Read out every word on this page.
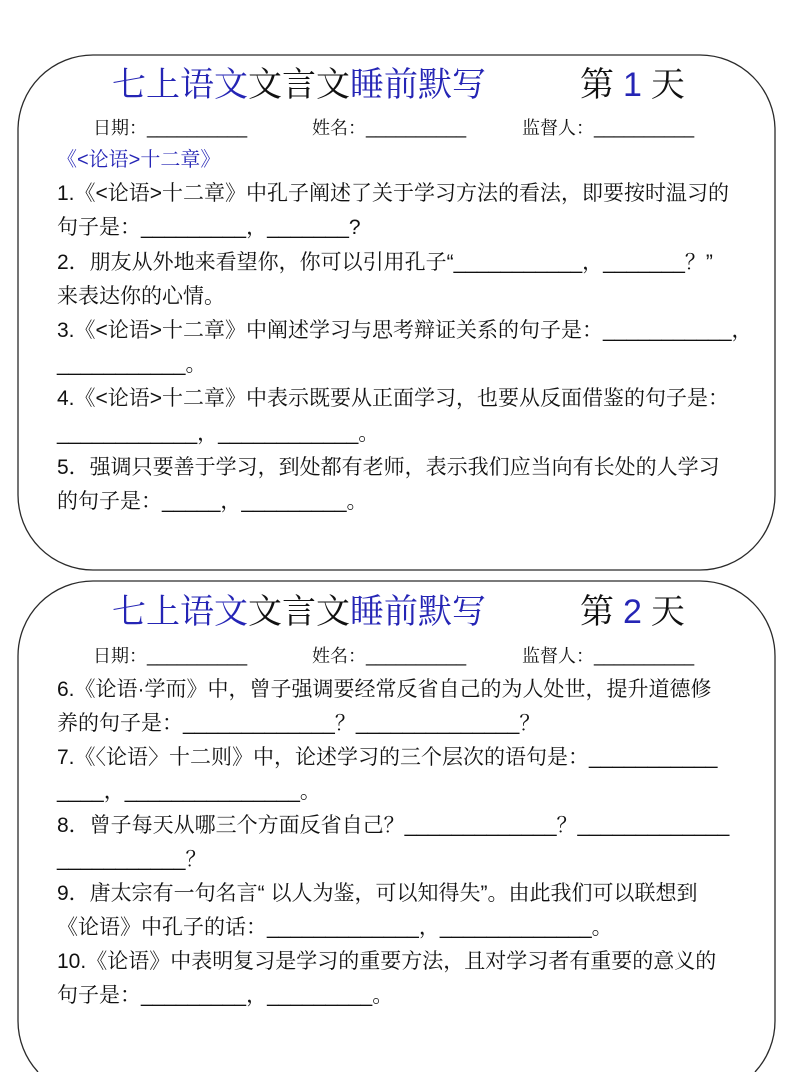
七上语文文言文睡前默写	第 1 天
日期：__________	姓名：__________	监督人：__________
《<论语>十二章》
1.《<论语>十二章》中孔子阐述了关于学习方法的看法，即要按时温习的
句子是：_________，_______?
2．朋友从外地来看望你，你可以引用孔子“___________，_______？”
来表达你的心情。
3.《<论语>十二章》中阐述学习与思考辩证关系的句子是：___________，
___________。
4.《<论语>十二章》中表示既要从正面学习，也要从反面借鉴的句子是：
____________，____________。
5．强调只要善于学习，到处都有老师，表示我们应当向有长处的人学习
的句子是：_____，_________。
七上语文文言文睡前默写	第 2 天
日期：__________	姓名：__________	监督人：__________
6.《论语·学而》中，曾子强调要经常反省自己的为人处世，提升道德修
养的句子是：_____________？______________？
7.《〈论语〉十二则》中，论述学习的三个层次的语句是：___________
____，_______________。
8．曾子每天从哪三个方面反省自己？_____________？_____________
___________？
9．唐太宗有一句名言“ 以人为鉴，可以知得失”。由此我们可以联想到
《论语》中孔子的话：_____________，_____________。
10.《论语》中表明复习是学习的重要方法，且对学习者有重要的意义的
句子是：_________，_________。
